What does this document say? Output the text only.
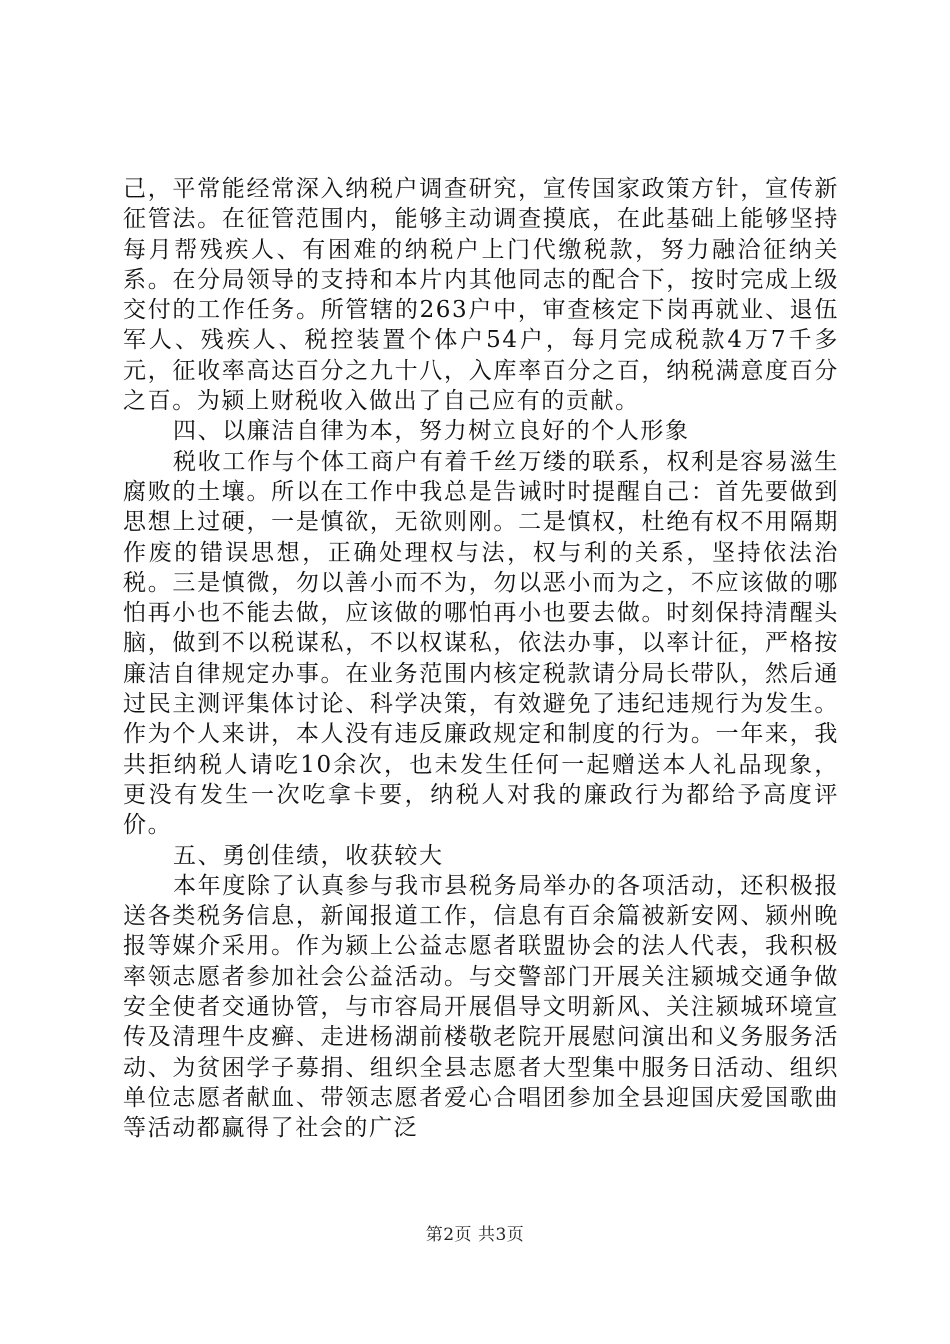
己，平常能经常深入纳税户调查研究，宣传国家政策方针，宣传新征管法。在征管范围内，能够主动调查摸底，在此基础上能够坚持每月帮残疾人、有困难的纳税户上门代缴税款，努力融洽征纳关系。在分局领导的支持和本片内其他同志的配合下，按时完成上级交付的工作任务。所管辖的263户中，审查核定下岗再就业、退伍军人、残疾人、税控装置个体户54户，每月完成税款4万7千多元，征收率高达百分之九十八，入库率百分之百，纳税满意度百分之百。为颍上财税收入做出了自己应有的贡献。

四、以廉洁自律为本，努力树立良好的个人形象

税收工作与个体工商户有着千丝万缕的联系，权利是容易滋生腐败的土壤。所以在工作中我总是告诫时时提醒自己：首先要做到思想上过硬，一是慎欲，无欲则刚。二是慎权，杜绝有权不用隔期作废的错误思想，正确处理权与法，权与利的关系，坚持依法治税。三是慎微，勿以善小而不为，勿以恶小而为之，不应该做的哪怕再小也不能去做，应该做的哪怕再小也要去做。时刻保持清醒头脑，做到不以税谋私，不以权谋私，依法办事，以率计征，严格按廉洁自律规定办事。在业务范围内核定税款请分局长带队，然后通过民主测评集体讨论、科学决策，有效避免了违纪违规行为发生。作为个人来讲，本人没有违反廉政规定和制度的行为。一年来，我共拒纳税人请吃10余次，也未发生任何一起赠送本人礼品现象，更没有发生一次吃拿卡要，纳税人对我的廉政行为都给予高度评价。

五、勇创佳绩，收获较大

本年度除了认真参与我市县税务局举办的各项活动，还积极报送各类税务信息，新闻报道工作，信息有百余篇被新安网、颍州晚报等媒介采用。作为颍上公益志愿者联盟协会的法人代表，我积极率领志愿者参加社会公益活动。与交警部门开展关注颍城交通争做安全使者交通协管，与市容局开展倡导文明新风、关注颍城环境宣传及清理牛皮癣、走进杨湖前楼敬老院开展慰问演出和义务服务活动、为贫困学子募捐、组织全县志愿者大型集中服务日活动、组织单位志愿者献血、带领志愿者爱心合唱团参加全县迎国庆爱国歌曲等活动都赢得了社会的广泛

第2页 共3页
